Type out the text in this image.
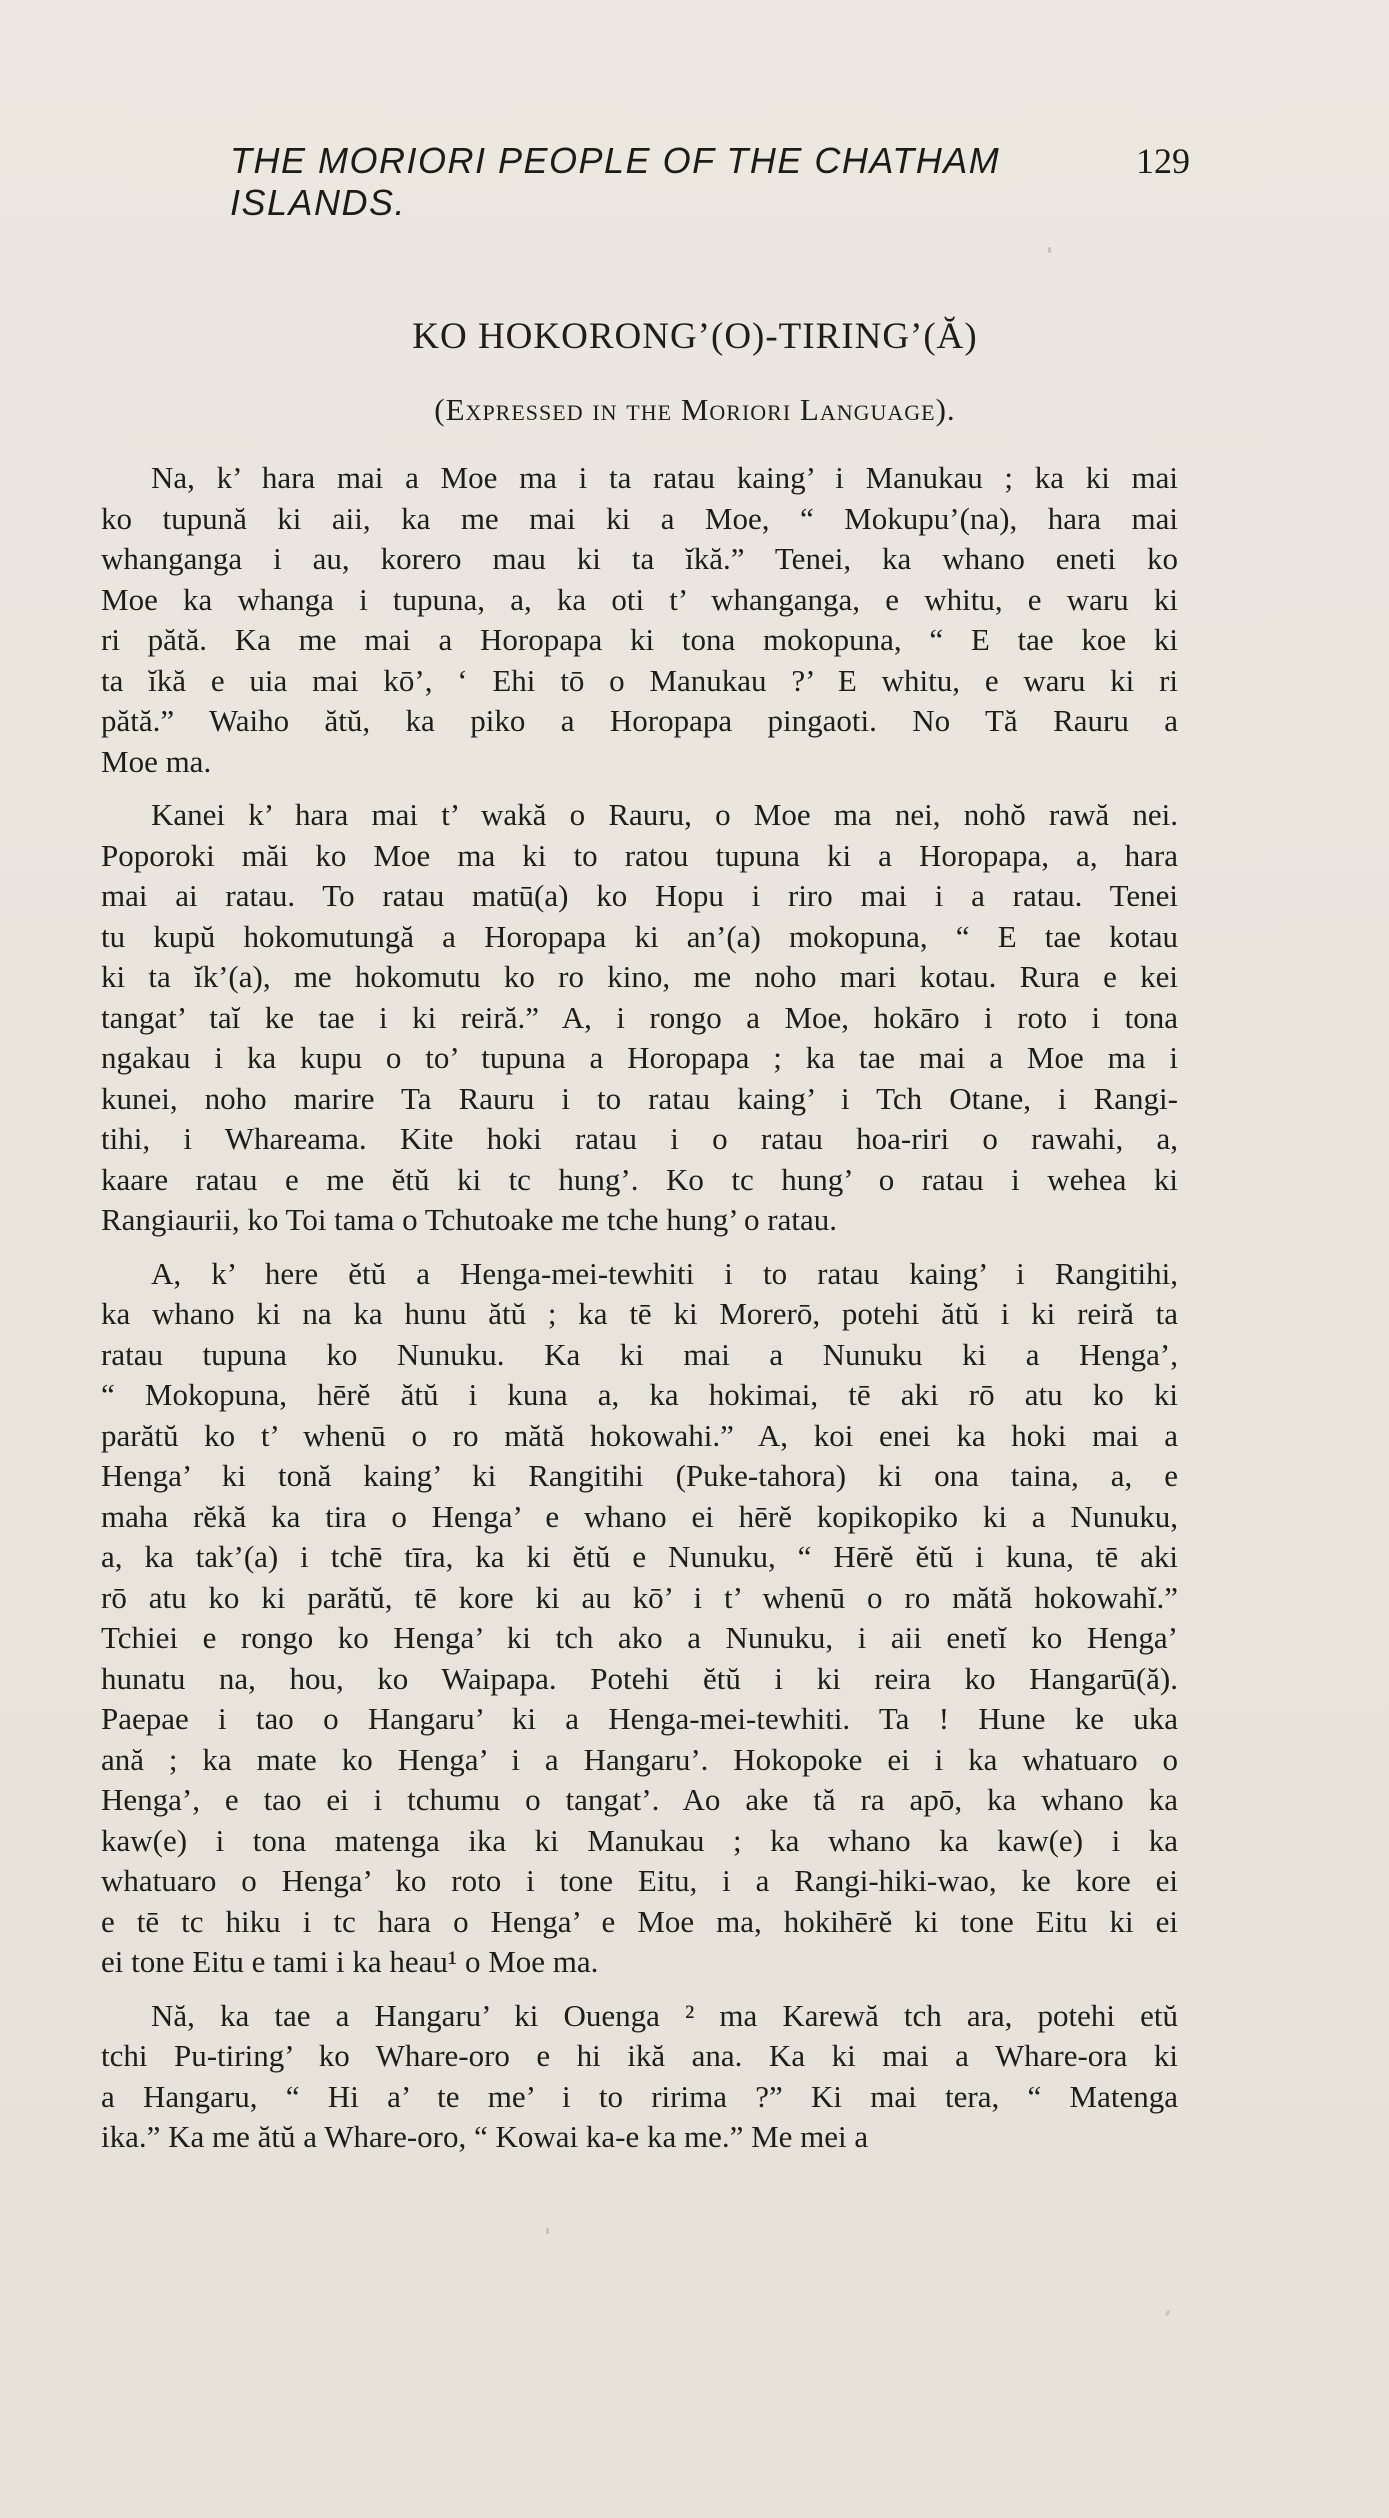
THE MORIORI PEOPLE OF THE CHATHAM ISLANDS.
129
KO HOKORONG’(O)-TIRING’(Ă)
(Expressed in the Moriori Language).
Na, k’ hara mai a Moe ma i ta ratau kaing’ i Manukau ; ka ki mai
ko tupună ki aii, ka me mai ki a Moe, “ Mokupu’(na), hara mai
whanganga i au, korero mau ki ta ĭkă.” Tenei, ka whano eneti ko
Moe ka whanga i tupuna, a, ka oti t’ whanganga, e whitu, e waru ki
ri pătă. Ka me mai a Horopapa ki tona mokopuna, “ E tae koe ki
ta ĭkă e uia mai kō’, ‘ Ehi tō o Manukau ?’ E whitu, e waru ki ri
pătă.” Waiho ătŭ, ka piko a Horopapa pingaoti. No Tă Rauru a
Moe ma.
Kanei k’ hara mai t’ wakă o Rauru, o Moe ma nei, nohŏ rawă nei.
Poporoki măi ko Moe ma ki to ratou tupuna ki a Horopapa, a, hara
mai ai ratau. To ratau matū(a) ko Hopu i riro mai i a ratau. Tenei
tu kupŭ hokomutungă a Horopapa ki an’(a) mokopuna, “ E tae kotau
ki ta ĭk’(a), me hokomutu ko ro kino, me noho mari kotau. Rura e kei
tangat’ taĭ ke tae i ki reiră.” A, i rongo a Moe, hokāro i roto i tona
ngakau i ka kupu o to’ tupuna a Horopapa ; ka tae mai a Moe ma i
kunei, noho marire Ta Rauru i to ratau kaing’ i Tch Otane, i Rangi-
tihi, i Whareama. Kite hoki ratau i o ratau hoa-riri o rawahi, a,
kaare ratau e me ĕtŭ ki tc hung’. Ko tc hung’ o ratau i wehea ki
Rangiaurii, ko Toi tama o Tchutoake me tche hung’ o ratau.
A, k’ here ĕtŭ a Henga-mei-tewhiti i to ratau kaing’ i Rangitihi,
ka whano ki na ka hunu ătŭ ; ka tē ki Morerō, potehi ătŭ i ki reiră ta
ratau tupuna ko Nunuku. Ka ki mai a Nunuku ki a Henga’,
“ Mokopuna, hērĕ ătŭ i kuna a, ka hokimai, tē aki rō atu ko ki
parătŭ ko t’ whenū o ro mătă hokowahi.” A, koi enei ka hoki mai a
Henga’ ki tonă kaing’ ki Rangitihi (Puke-tahora) ki ona taina, a, e
maha rĕkă ka tira o Henga’ e whano ei hērĕ kopikopiko ki a Nunuku,
a, ka tak’(a) i tchē tīra, ka ki ĕtŭ e Nunuku, “ Hērĕ ĕtŭ i kuna, tē aki
rō atu ko ki parătŭ, tē kore ki au kō’ i t’ whenū o ro mătă hokowahĭ.”
Tchiei e rongo ko Henga’ ki tch ako a Nunuku, i aii enetĭ ko Henga’
hunatu na, hou, ko Waipapa. Potehi ĕtŭ i ki reira ko Hangarū(ă).
Paepae i tao o Hangaru’ ki a Henga-mei-tewhiti. Ta ! Hune ke uka
ană ; ka mate ko Henga’ i a Hangaru’. Hokopoke ei i ka whatuaro o
Henga’, e tao ei i tchumu o tangat’. Ao ake tă ra apō, ka whano ka
kaw(e) i tona matenga ika ki Manukau ; ka whano ka kaw(e) i ka
whatuaro o Henga’ ko roto i tone Eitu, i a Rangi-hiki-wao, ke kore ei
e tē tc hiku i tc hara o Henga’ e Moe ma, hokihērĕ ki tone Eitu ki ei
ei tone Eitu e tami i ka heau¹ o Moe ma.
Nă, ka tae a Hangaru’ ki Ouenga ² ma Karewă tch ara, potehi etŭ
tchi Pu-tiring’ ko Whare-oro e hi ikă ana. Ka ki mai a Whare-ora ki
a Hangaru, “ Hi a’ te me’ i to ririma ?” Ki mai tera, “ Matenga
ika.” Ka me ătŭ a Whare-oro, “ Kowai ka-e ka me.” Me mei a
